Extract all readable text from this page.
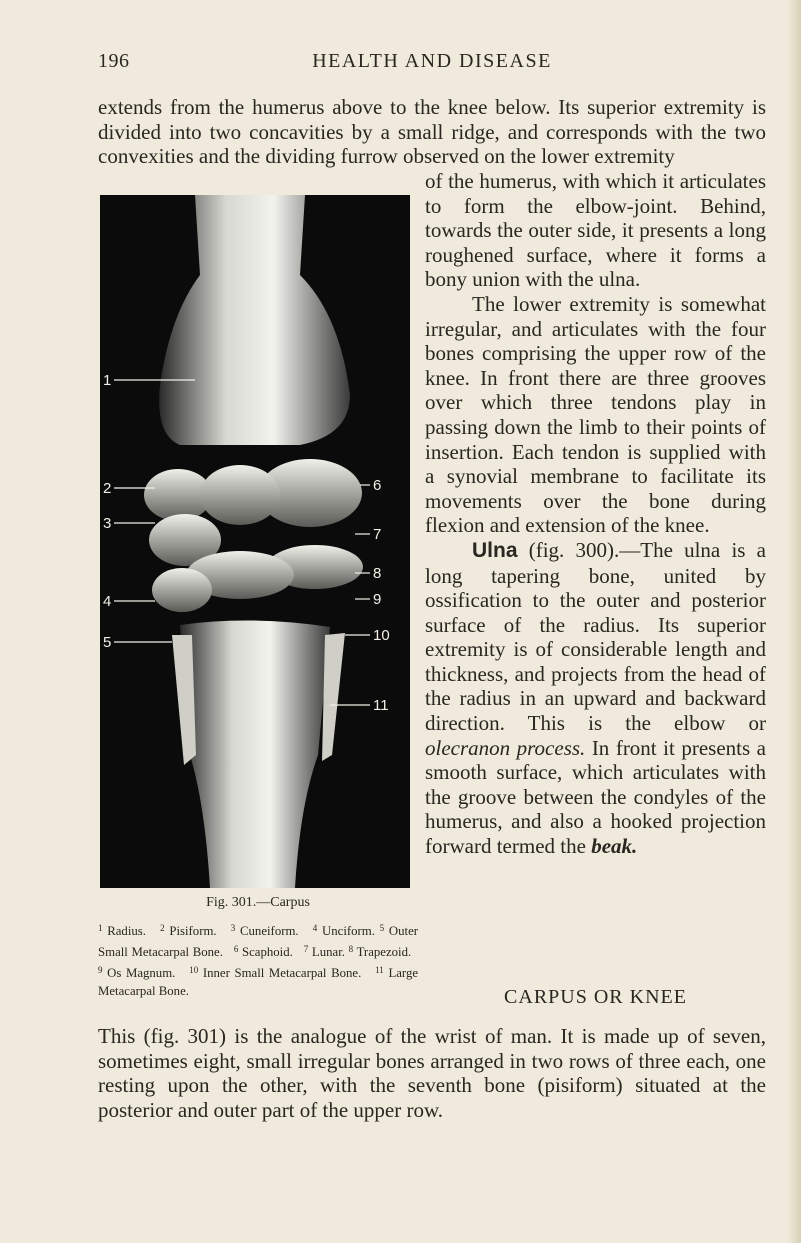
196	HEALTH AND DISEASE

extends from the humerus above to the knee below. Its superior extremity is divided into two concavities by a small ridge, and corresponds with the two convexities and the dividing furrow observed on the lower extremity

1
2
3
4
5
6
7
8
9
10
11
Fig. 301.—Carpus
$^1$ Radius. $^2$ Pisiform. $^3$ Cuneiform. $^4$ Unciform. $^5$ Outer Small Metacarpal Bone. $^6$ Scaphoid. $^7$ Lunar. $^8$ Trapezoid.   $^9$ Os Magnum. $^{10}$ Inner Small Metacarpal Bone. $^{11}$ Large Metacarpal Bone.

of the humerus, with which it articulates to form the elbow-joint. Behind, towards the outer side, it presents a long roughened surface, where it forms a bony union with the ulna.

The lower extremity is somewhat irregular, and articulates with the four bones comprising the upper row of the knee. In front there are three grooves over which three tendons play in passing down the limb to their points of insertion. Each tendon is supplied with a synovial membrane to facilitate its movements over the bone during flexion and extension of the knee.

Ulna (fig. 300).—The ulna is a long tapering bone, united by ossification to the outer and posterior surface of the radius. Its superior extremity is of considerable length and thickness, and projects from the head of the radius in an upward and backward direction. This is the elbow or olecranon process. In front it presents a smooth surface, which articulates with the groove between the condyles of the humerus, and also a hooked projection forward termed the beak.

CARPUS OR KNEE

This (fig. 301) is the analogue of the wrist of man. It is made up of seven, sometimes eight, small irregular bones arranged in two rows of three each, one resting upon the other, with the seventh bone (pisiform) situated at the posterior and outer part of the upper row.
